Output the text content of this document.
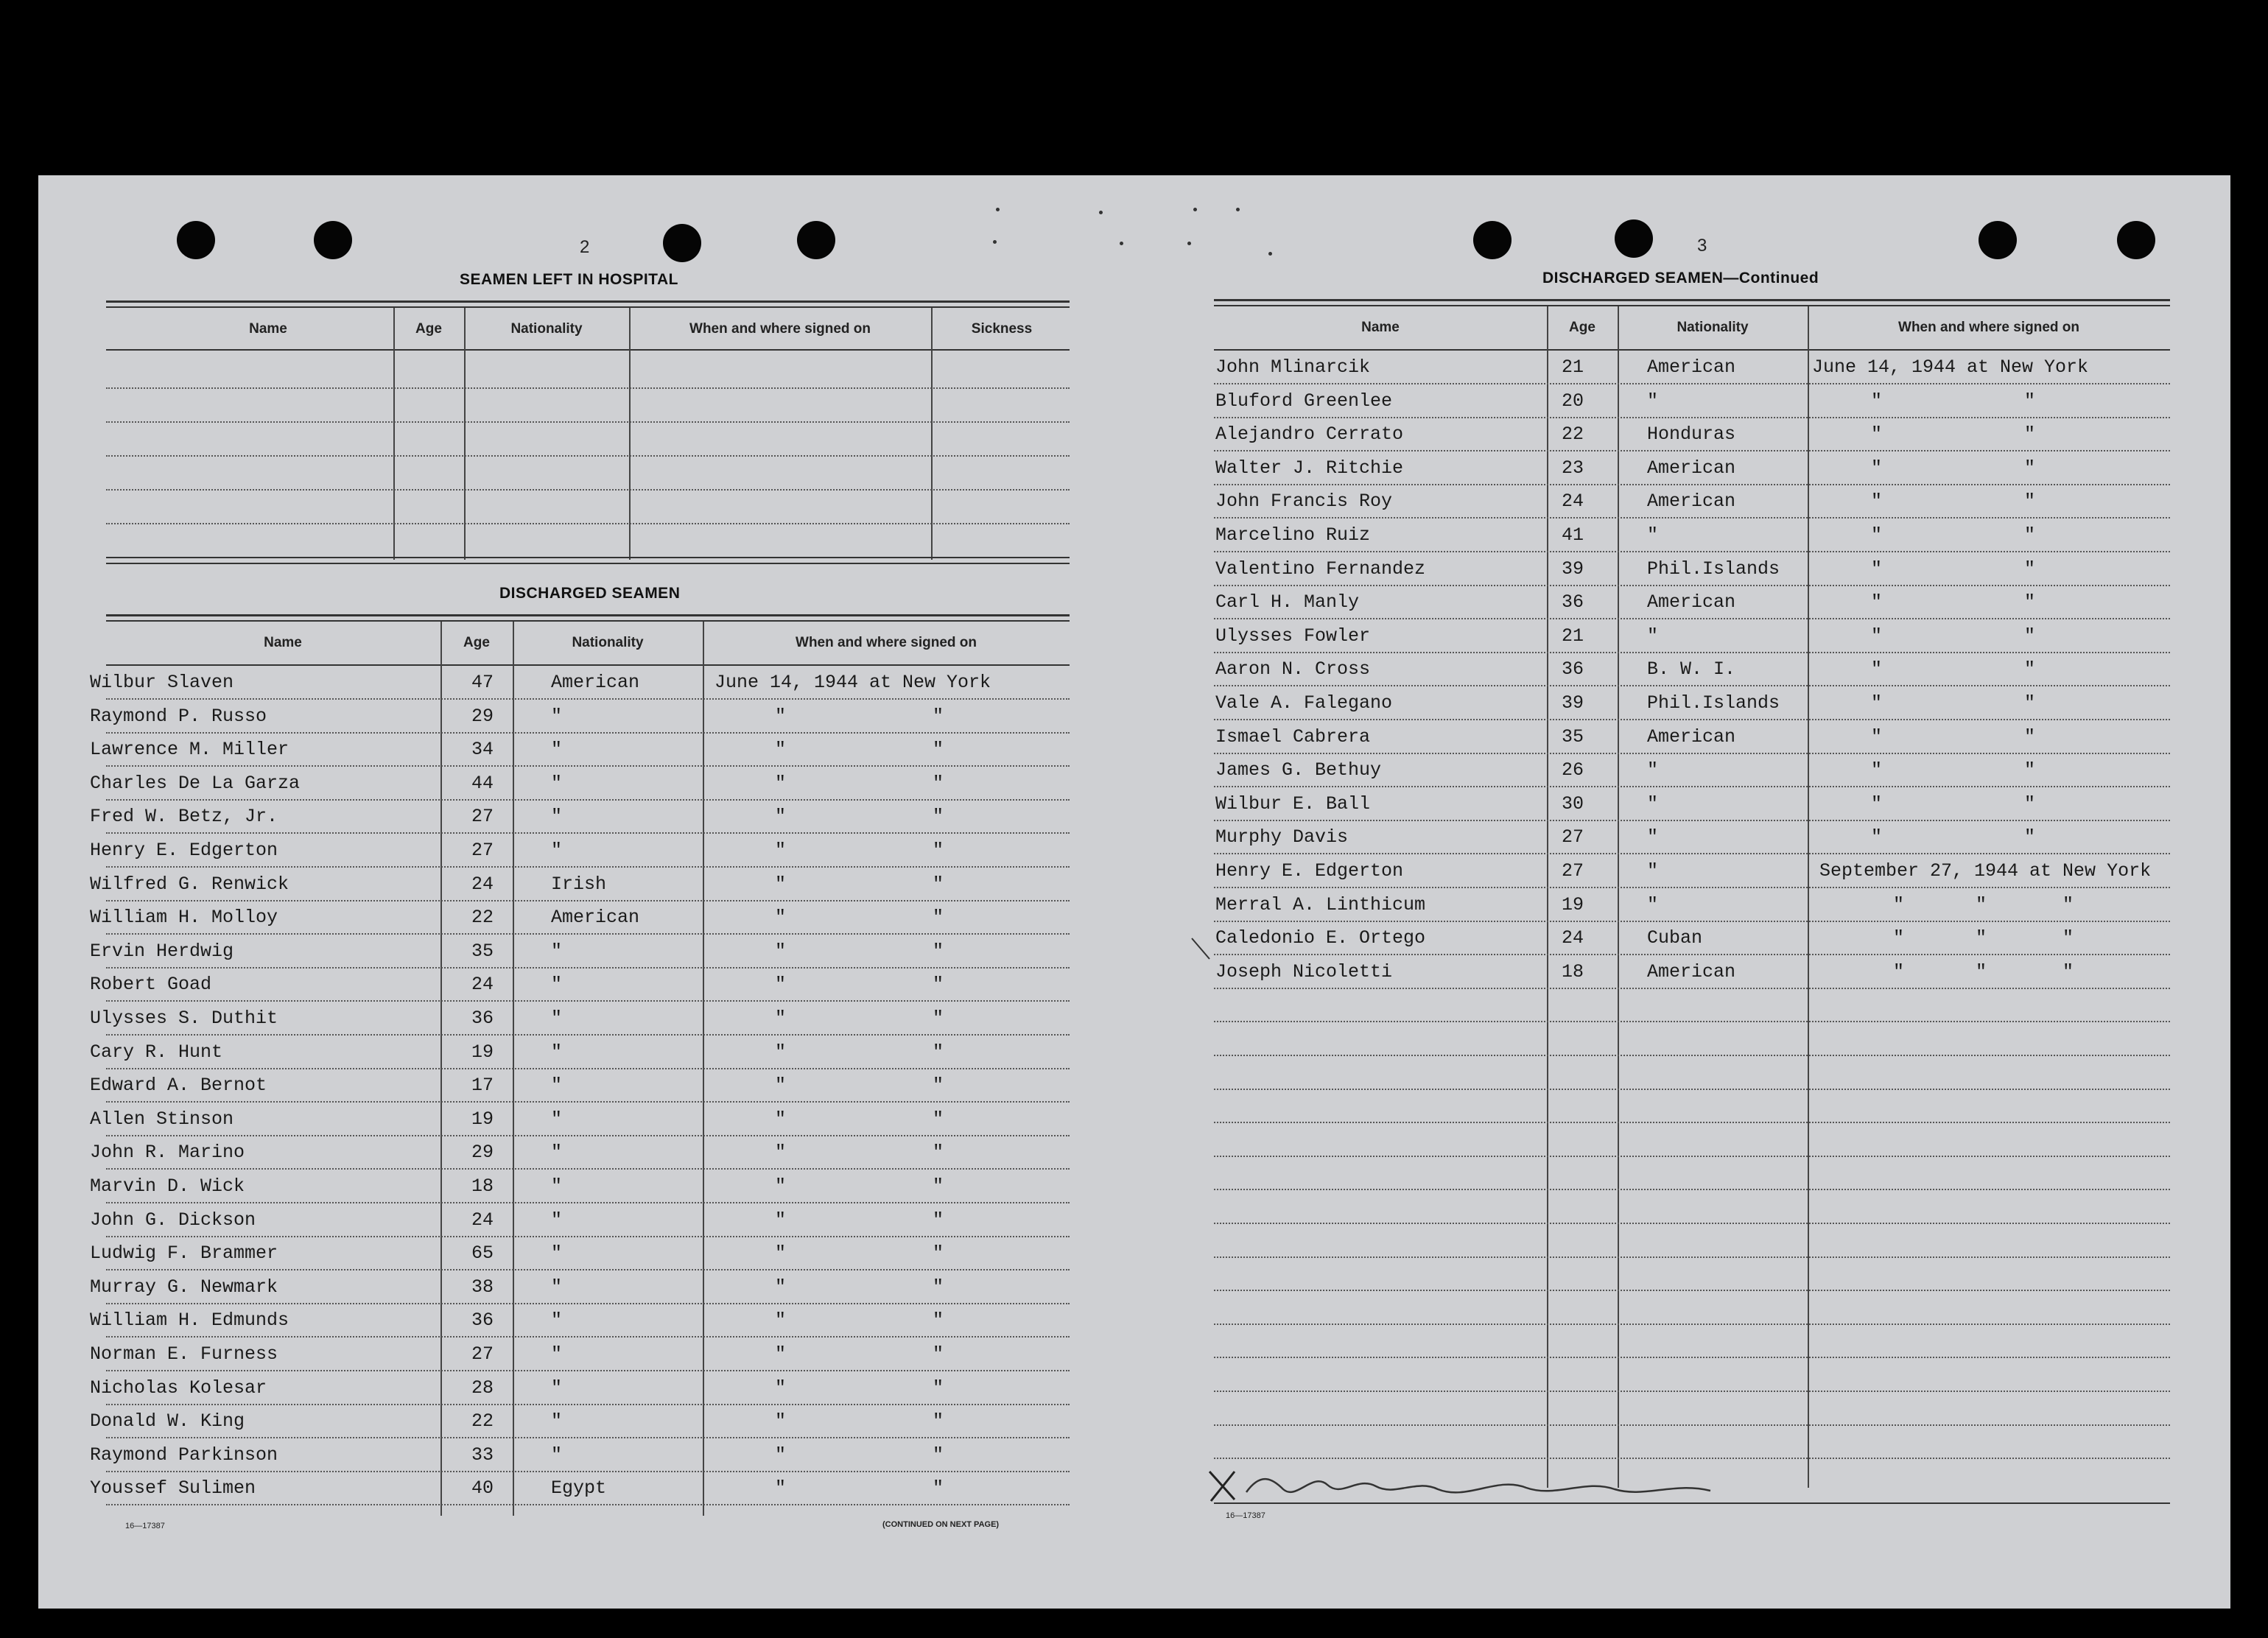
2
SEAMEN LEFT IN HOSPITAL
Name	Age	Nationality	When and where signed on	Sickness
DISCHARGED SEAMEN
Name	Age	Nationality	When and where signed on
Wilbur Slaven	47	American	June 14, 1944 at New York
Raymond P. Russo	29	"	"	"
Lawrence M. Miller	34	"	"	"
Charles De La Garza	44	"	"	"
Fred W. Betz, Jr.	27	"	"	"
Henry E. Edgerton	27	"	"	"
Wilfred G. Renwick	24	Irish	"	"
William H. Molloy	22	American	"	"
Ervin Herdwig	35	"	"	"
Robert Goad	24	"	"	"
Ulysses S. Duthit	36	"	"	"
Cary R. Hunt	19	"	"	"
Edward A. Bernot	17	"	"	"
Allen Stinson	19	"	"	"
John R. Marino	29	"	"	"
Marvin D. Wick	18	"	"	"
John G. Dickson	24	"	"	"
Ludwig F. Brammer	65	"	"	"
Murray G. Newmark	38	"	"	"
William H. Edmunds	36	"	"	"
Norman E. Furness	27	"	"	"
Nicholas Kolesar	28	"	"	"
Donald W. King	22	"	"	"
Raymond Parkinson	33	"	"	"
Youssef Sulimen	40	Egypt	"	"
16—17387	(CONTINUED ON NEXT PAGE)
3
DISCHARGED SEAMEN—Continued
Name	Age	Nationality	When and where signed on
John Mlinarcik	21	American	June 14, 1944 at New York
Bluford Greenlee	20	"	"	"
Alejandro Cerrato	22	Honduras	"	"
Walter J. Ritchie	23	American	"	"
John Francis Roy	24	American	"	"
Marcelino Ruiz	41	"	"	"
Valentino Fernandez	39	Phil.Islands	"	"
Carl H. Manly	36	American	"	"
Ulysses Fowler	21	"	"	"
Aaron N. Cross	36	B. W. I.	"	"
Vale A. Falegano	39	Phil.Islands	"	"
Ismael Cabrera	35	American	"	"
James G. Bethuy	26	"	"	"
Wilbur E. Ball	30	"	"	"
Murphy Davis	27	"	"	"
Henry E. Edgerton	27	"	September 27, 1944 at New York
Merral A. Linthicum	19	"	"	"	"
Caledonio E. Ortego	24	Cuban	"	"	"
Joseph Nicoletti	18	American	"	"	"
16—17387
